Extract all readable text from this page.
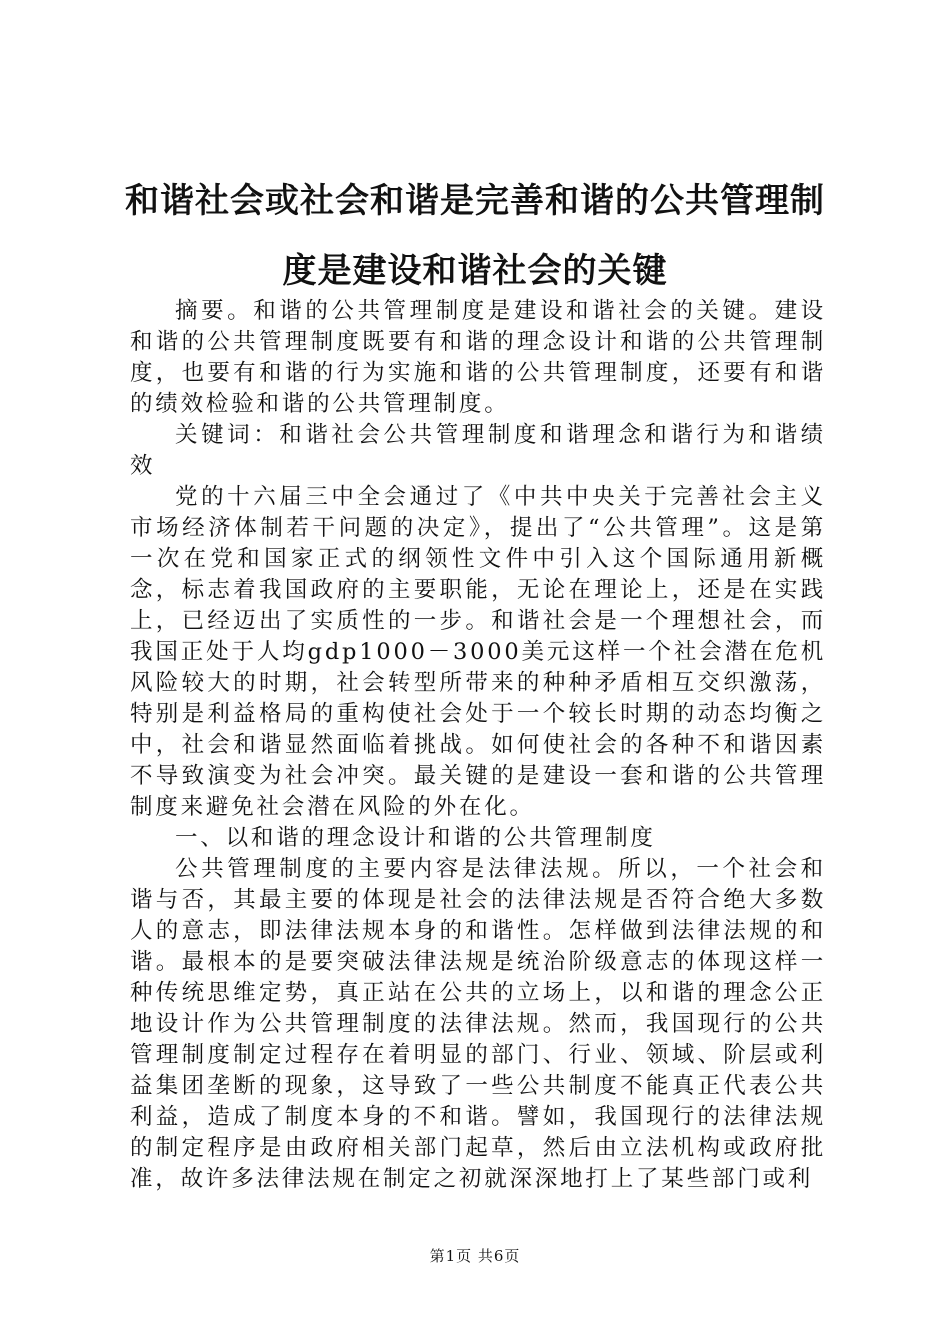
和谐社会或社会和谐是完善和谐的公共管理制度是建设和谐社会的关键

摘要。和谐的公共管理制度是建设和谐社会的关键。建设和谐的公共管理制度既要有和谐的理念设计和谐的公共管理制度，也要有和谐的行为实施和谐的公共管理制度，还要有和谐的绩效检验和谐的公共管理制度。

关键词：和谐社会公共管理制度和谐理念和谐行为和谐绩效

党的十六届三中全会通过了《中共中央关于完善社会主义市场经济体制若干问题的决定》，提出了“公共管理”。这是第一次在党和国家正式的纲领性文件中引入这个国际通用新概念，标志着我国政府的主要职能，无论在理论上，还是在实践上，已经迈出了实质性的一步。和谐社会是一个理想社会，而我国正处于人均gdp1000－3000美元这样一个社会潜在危机风险较大的时期，社会转型所带来的种种矛盾相互交织激荡，特别是利益格局的重构使社会处于一个较长时期的动态均衡之中，社会和谐显然面临着挑战。如何使社会的各种不和谐因素不导致演变为社会冲突。最关键的是建设一套和谐的公共管理制度来避免社会潜在风险的外在化。

一、以和谐的理念设计和谐的公共管理制度

公共管理制度的主要内容是法律法规。所以，一个社会和谐与否，其最主要的体现是社会的法律法规是否符合绝大多数人的意志，即法律法规本身的和谐性。怎样做到法律法规的和谐。最根本的是要突破法律法规是统治阶级意志的体现这样一种传统思维定势，真正站在公共的立场上，以和谐的理念公正地设计作为公共管理制度的法律法规。然而，我国现行的公共管理制度制定过程存在着明显的部门、行业、领域、阶层或利益集团垄断的现象，这导致了一些公共制度不能真正代表公共利益，造成了制度本身的不和谐。譬如，我国现行的法律法规的制定程序是由政府相关部门起草，然后由立法机构或政府批准，故许多法律法规在制定之初就深深地打上了某些部门或利

第1页 共6页
